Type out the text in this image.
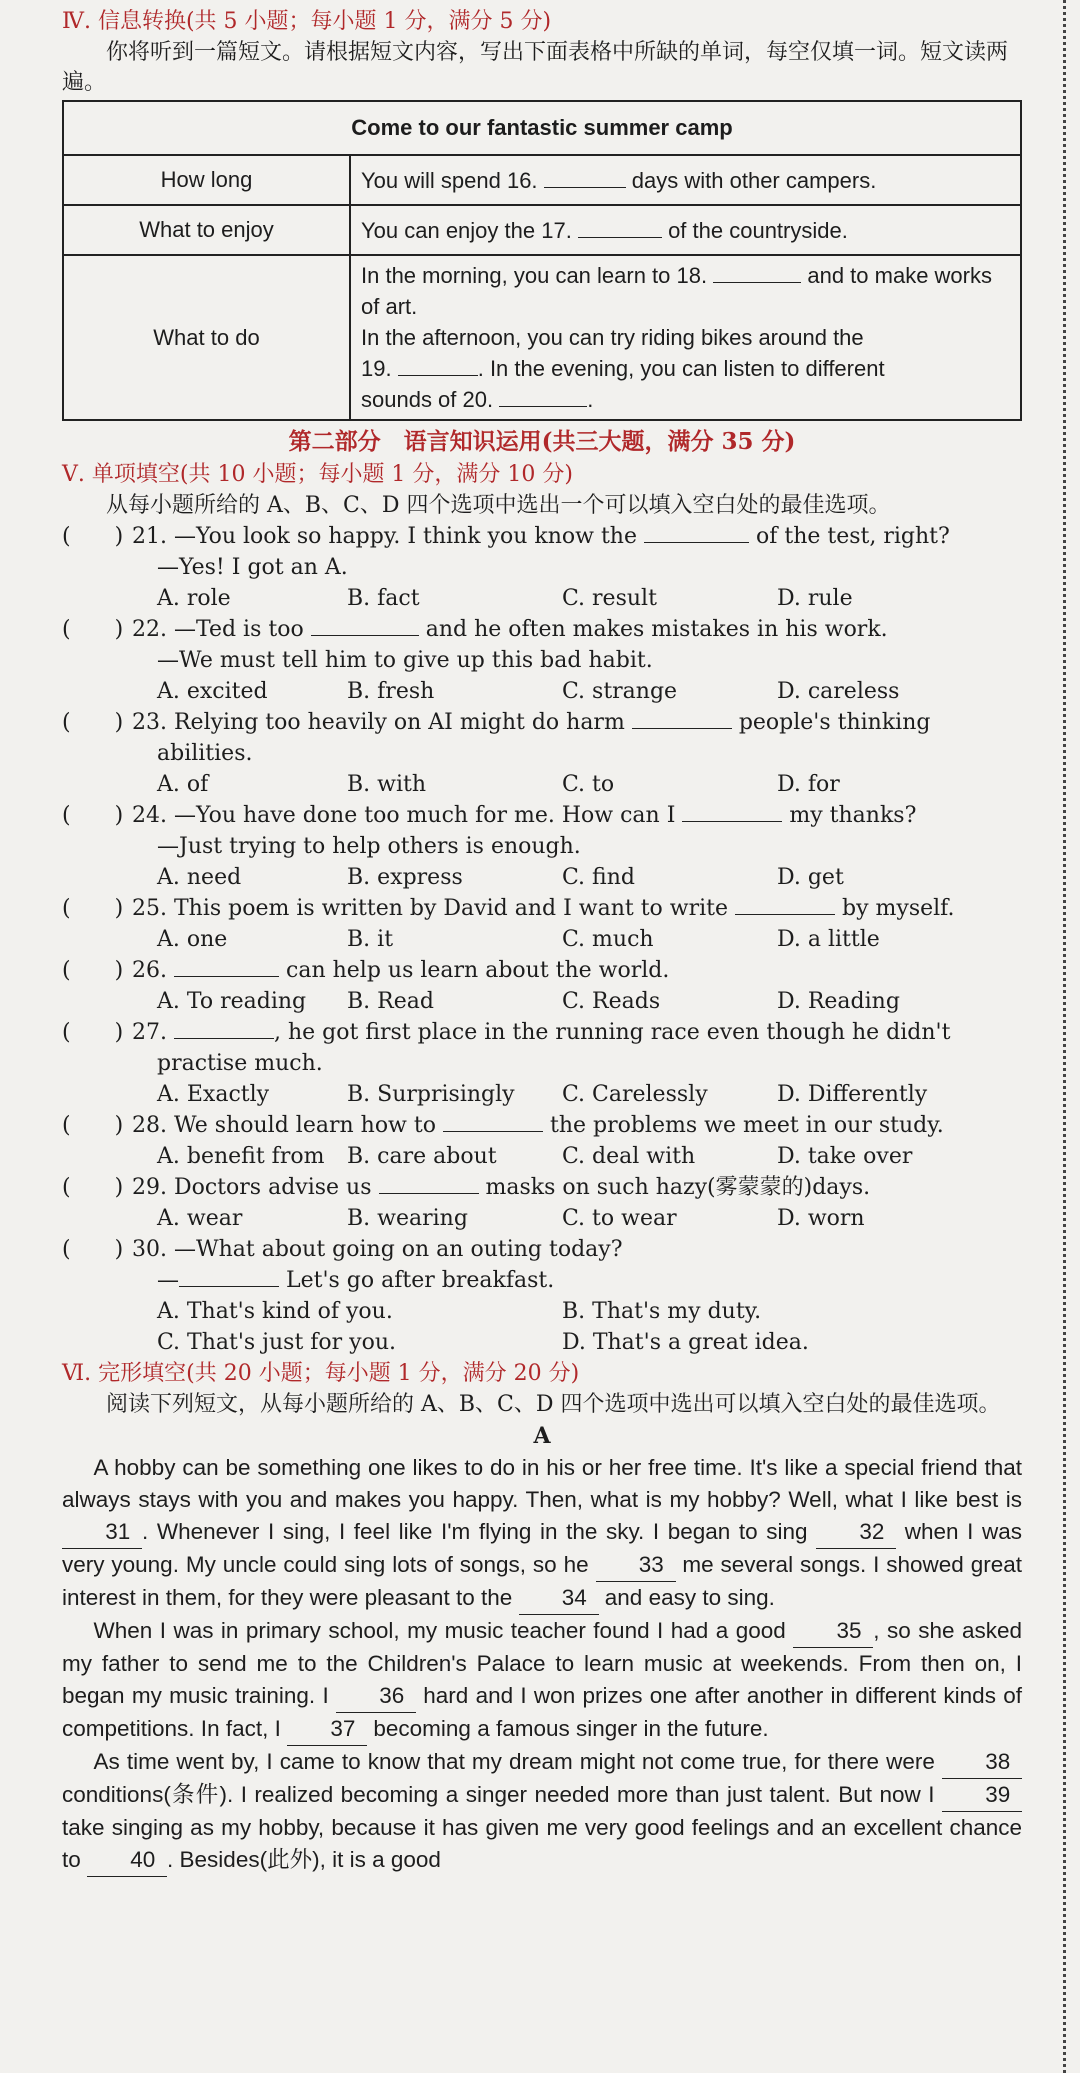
Ⅳ. 信息转换(共 5 小题；每小题 1 分，满分 5 分)

你将听到一篇短文。请根据短文内容，写出下面表格中所缺的单词，每空仅填一词。短文读两遍。

Come to our fantastic summer camp	
How long	You will spend 16. days with other campers.
What to enjoy	You can enjoy the 17. of the countryside.
What to do	In the morning, you can learn to 18. and to make works of art.
In the afternoon, you can try riding bikes around the
19. . In the evening, you can listen to different
sounds of 20. .
第二部分　语言知识运用(共三大题，满分 35 分)
Ⅴ. 单项填空(共 10 小题；每小题 1 分，满分 10 分)

从每小题所给的 A、B、C、D 四个选项中选出一个可以填入空白处的最佳选项。

(　　) 21. —You look so happy. I think you know the	of the test, right?
—Yes! I got an A.
A. role	B. fact	C. result	D. rule
(　　) 22. —Ted is too	and he often makes mistakes in his work.
—We must tell him to give up this bad habit.
A. excited	B. fresh	C. strange	D. careless
(　　) 23. Relying too heavily on AI might do harm	people's thinking
abilities.
A. of	B. with	C. to	D. for
(　　) 24. —You have done too much for me. How can I	my thanks?
—Just trying to help others is enough.
A. need	B. express	C. find	D. get
(　　) 25. This poem is written by David and I want to write	by myself.
A. one	B. it	C. much	D. a little
(　　) 26.	can help us learn about the world.
A. To reading	B. Read	C. Reads	D. Reading
(　　) 27.	, he got first place in the running race even though he didn't
practise much.
A. Exactly	B. Surprisingly	C. Carelessly	D. Differently
(　　) 28. We should learn how to	the problems we meet in our study.
A. benefit from	B. care about	C. deal with	D. take over
(　　) 29. Doctors advise us	masks on such hazy(雾蒙蒙的)days.
A. wear	B. wearing	C. to wear	D. worn
(　　) 30. —What about going on an outing today?
—	Let's go after breakfast.
A. That's kind of you.	B. That's my duty.
C. That's just for you.	D. That's a great idea.
Ⅵ. 完形填空(共 20 小题；每小题 1 分，满分 20 分)

阅读下列短文，从每小题所给的 A、B、C、D 四个选项中选出可以填入空白处的最佳选项。

A

A hobby can be something one likes to do in his or her free time. It's like a special friend that always stays with you and makes you happy. Then, what is my hobby? Well, what I like best is 31 . Whenever I sing, I feel like I'm flying in the sky. I began to sing 32 when I was very young. My uncle could sing lots of songs, so he 33 me several songs. I showed great interest in them, for they were pleasant to the 34 and easy to sing.

When I was in primary school, my music teacher found I had a good 35 , so she asked my father to send me to the Children's Palace to learn music at weekends. From then on, I began my music training. I 36 hard and I won prizes one after another in different kinds of competitions. In fact, I 37 becoming a famous singer in the future.

As time went by, I came to know that my dream might not come true, for there were 38 conditions(条件). I realized becoming a singer needed more than just talent. But now I 39 take singing as my hobby, because it has given me very good feelings and an excellent chance to 40 . Besides(此外), it is a good
